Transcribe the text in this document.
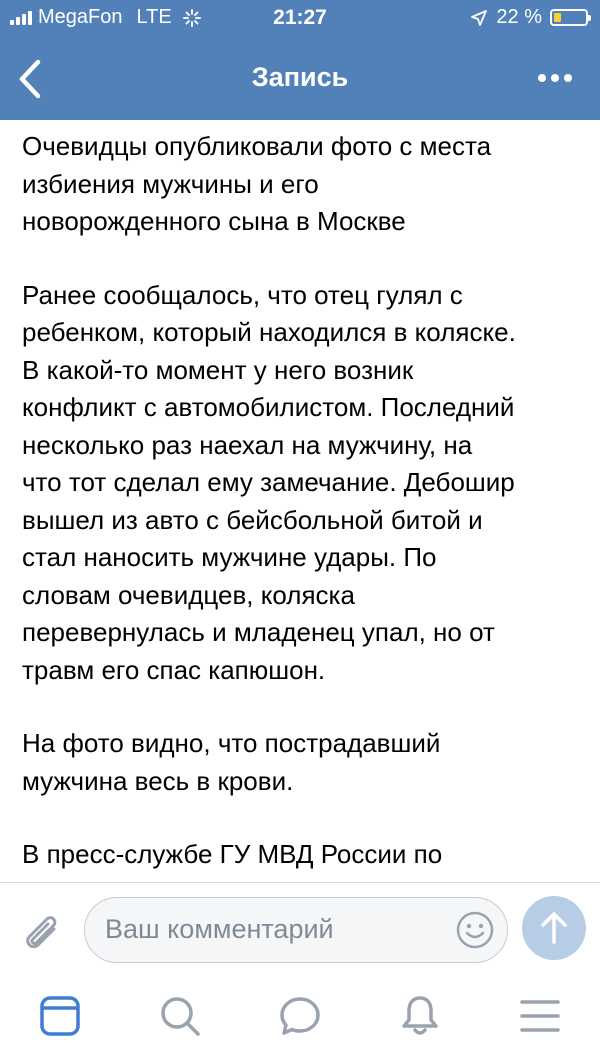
MegaFon LTE	21:27	22 %
Запись

Очевидцы опубликовали фото с места
избиения мужчины и его
новорожденного сына в Москве

Ранее сообщалось, что отец гулял с
ребенком, который находился в коляске.
В какой-то момент у него возник
конфликт с автомобилистом. Последний
несколько раз наехал на мужчину, на
что тот сделал ему замечание. Дебошир
вышел из авто с бейсбольной битой и
стал наносить мужчине удары. По
словам очевидцев, коляска
перевернулась и младенец упал, но от
травм его спас капюшон.

На фото видно, что пострадавший
мужчина весь в крови.

В пресс-службе ГУ МВД России по

Ваш комментарий
